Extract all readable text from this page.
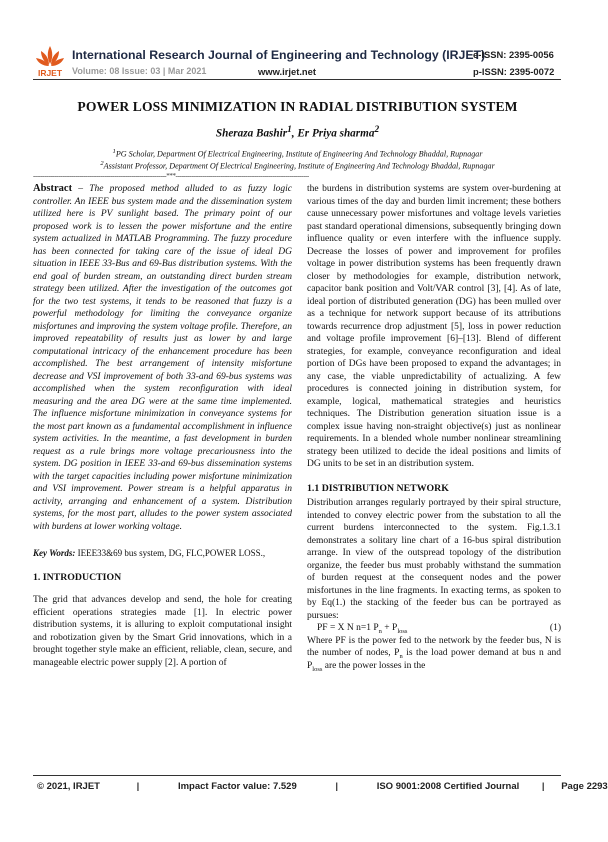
IRJET
International Research Journal of Engineering and Technology (IRJET)
e-ISSN: 2395-0056
Volume: 08 Issue: 03 | Mar 2021	www.irjet.net	p-ISSN: 2395-0072
POWER LOSS MINIMIZATION IN RADIAL DISTRIBUTION SYSTEM
Sheraza Bashir$^1$, Er Priya sharma$^2$
$^1$PG Scholar, Department Of Electrical Engineering, Institute of Engineering And Technology Bhaddal, Rupnagar
$^2$Assistant Professor, Department Of Electrical Engineering, Institute of Engineering And Technology Bhaddal, Rupnagar
---------------------------------------------------------------------***---------------------------------------------------------------------

Abstract – The proposed method alluded to as fuzzy logic controller. An IEEE bus system made and the dissemination system utilized here is PV sunlight based. The primary point of our proposed work is to lessen the power misfortune and the entire system actualized in MATLAB Programming. The fuzzy procedure has been connected for taking care of the issue of ideal DG situation in IEEE 33-Bus and 69-Bus distribution systems. With the end goal of burden stream, an outstanding direct burden stream strategy been utilized. After the investigation of the outcomes got for the two test systems, it tends to be reasoned that fuzzy is a powerful methodology for limiting the conveyance organize misfortunes and improving the system voltage profile. Therefore, an improved repeatability of results just as lower by and large computational intricacy of the enhancement procedure has been accomplished. The best arrangement of intensity misfortune decrease and VSI improvement of both 33-and 69-bus systems was accomplished when the system reconfiguration with ideal measuring and the area DG were at the same time implemented. The influence misfortune minimization in conveyance systems for the most part known as a fundamental accomplishment in influence system activities. In the meantime, a fast development in burden request as a rule brings more voltage precariousness into the system. DG position in IEEE 33-and 69-bus dissemination systems with the target capacities including power misfortune minimization and VSI improvement. Power stream is a helpful apparatus in activity, arranging and enhancement of a system. Distribution systems, for the most part, alludes to the power system associated with burdens at lower working voltage.

Key Words: IEEE33&69 bus system, DG, FLC,POWER LOSS.,

1. INTRODUCTION

The grid that advances develop and send, the hole for creating efficient operations strategies made [1]. In electric power distribution systems, it is alluring to exploit computational insight and robotization given by the Smart Grid innovations, which in a brought together style make an efficient, reliable, clean, secure, and manageable electric power supply [2]. A portion of

the burdens in distribution systems are system over-burdening at various times of the day and burden limit increment; these bothers cause unnecessary power misfortunes and voltage levels varieties past standard operational dimensions, subsequently bringing down influence quality or even interfere with the influence supply. Decrease the losses of power and improvement for profiles voltage in power distribution systems has been frequently drawn closer by methodologies for example, distribution network, capacitor bank position and Volt/VAR control [3], [4]. As of late, ideal portion of distributed generation (DG) has been mulled over as a technique for network support because of its attributions towards recurrence drop adjustment [5], loss in power reduction and voltage profile improvement [6]–[13]. Blend of different strategies, for example, conveyance reconfiguration and ideal portion of DGs have been proposed to expand the advantages; in any case, the viable unpredictability of actualizing. A few procedures is connected joining in distribution system, for example, logical, mathematical strategies and heuristics techniques. The Distribution generation situation issue is a complex issue having non-straight objective(s) just as nonlinear requirements. In a blended whole number nonlinear streamlining strategy been utilized to decide the ideal positions and limits of DG units to be set in an distribution system.

1.1 DISTRIBUTION NETWORK

Distribution arranges regularly portrayed by their spiral structure, intended to convey electric power from the substation to all the current burdens interconnected to the system. Fig.1.3.1 demonstrates a solitary line chart of a 16-bus spiral distribution arrange. In view of the outspread topology of the distribution organize, the feeder bus must probably withstand the summation of burden request at the consequent nodes and the power misfortunes in the line fragments. In exacting terms, as spoken to by Eq(1.) the stacking of the feeder bus can be portrayed as pursues:

PF = X N n=1 $P_n + P_{loss}$	(1)

Where PF is the power fed to the network by the feeder bus, N is the number of nodes, $P_n$ is the load power demand at bus n and $P_{loss}$ are the power losses in the

© 2021, IRJET	|	Impact Factor value: 7.529	|	ISO 9001:2008 Certified Journal | Page 2293
